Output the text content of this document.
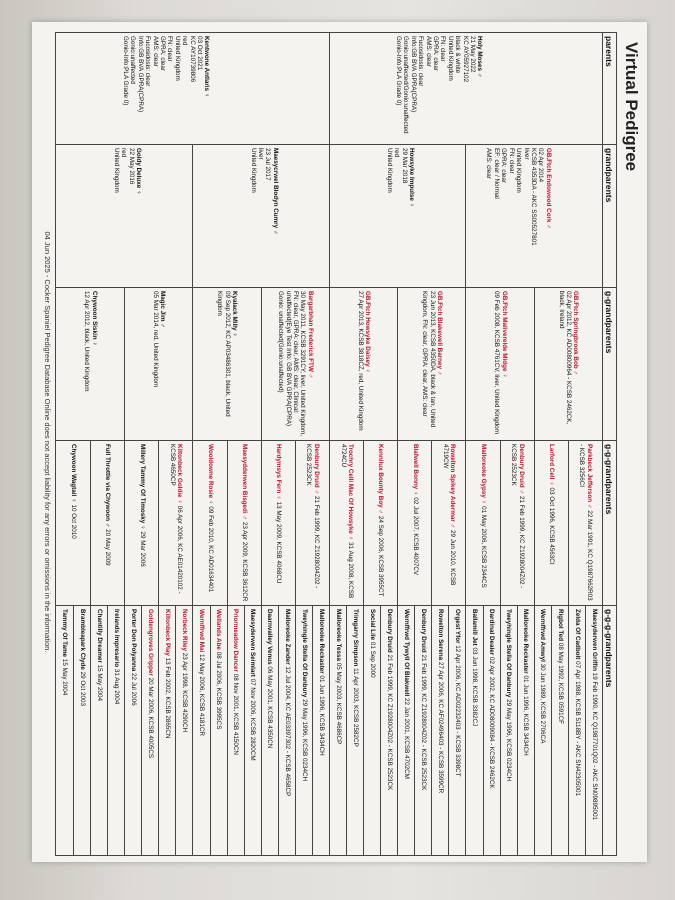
Virtual Pedigree
parents
grandparents
g-grandparents
g-g-grandparents
g-g-g-grandparents
Holy Moses ♂
21 May 2022
KC AY05927102
black & white
United Kingdom
FN: clear
GPRA: clear
AMS: clear
Fucosidosis: clear
Info:GB BVA GPRA(CPRA) Gonio:unaffected/Gonio:unaffected
Gonio-Info:PLA Grade 0)
Kentwone Antlaris ♀
03 Oct 2021
KC AY10739806
red
United Kingdom
FN: clear
GPRA: clear
AMS: clear
Fucosidosis: clear
Info:GB BVA GPRA(CPRA) Gonio:unaffected
Gonio-Info:PLA Grade 0)
GB.Ftch Endowood Cork ♂
02 Apr 2014
KCSB 4353DA - AKC SS00527801
liver
United Kingdom
FN: clear
GPRA: clear
EF: clear / Normal
AMS: clear
Howsyke Impulse ♀
29 Mar 2018
red
United Kingdom
Maesycrwel Blodyn Cumry ♂
23 Jul 2017
liver
United Kingdom
Goldy Deluxe ♀
22 May 2016
red
United Kingdom
GB.Ftch Springbrook Bob ♂
02 Apr 2012, KC AD00800964 - KCSB 2462CK, black, Ireland
GB.Ftch Maliverelde Midge ♀
09 Feb 2008, KCSB 4761CV, liver, United Kingdom
GB.Ftch Blakewell Barney ♂
23 Jun 2013, KCSB 4350DA, black & tan, United Kingdom, FN: clear, GPRA: clear, AMS: clear
GB.Ftch Howsyke Daisey ♀
27 Apr 2013, KCSB 3818CZ, red, United Kingdom
Bargarbhan Frederick FTW ♂
30 May 2011, KCSB 3291CY, liver, United Kingdom, FN: clear, GPRA: clear, AMS: clear, Clinical: unaffected(Eye Test Info: GB BVA GPRA(CPRA) Gonio: unaffected(Gonio:unaffected)
Kyalack Milly ♀
09 Sep 2012, KC AP03486301, black, United Kingdom
Magic Jim ♂
05 Mar 2014, red, United Kingdom
Chywoon Siskin ♀
12 Apr 2012, black, United Kingdom
Parkbeck Jefferson ♂ 22 Mar 1991, KC Q1987662R03 - KCSB 3256CI
Larford Cell ♀ 03 Oct 1996, KCSB 4563CI
Denbury Druid ♂ 21 Feb 1999, KC Z1928004Z02 - KCSB 2523CK
Malloreoke Gypsy ♀ 01 May 2006, KCSB 2344CS
Rowelton Spikey Adermar ♂ 29 Jun 2010, KCSB 4719CW
Blafwell Bonny ♀ 02 Jul 2007, KCSB 4007CV
Kennilux Bounty Boy ♂ 24 Sep 2006, KCSB 3955CT
Trochry Celli Mac Of Howsyke ♀ 31 Aug 2008, KCSB 4724CU
Denbury Druid ♂ 21 Feb 1999, KC Z1928004Z02 - KCSB 2523CK
Hardymsys Fern ♀ 13 May 2009, KCSB 4068CU
Maesydderwen Bisgedi ♂ 23 Apr 2009, KCSB 3612CR
Wooldowne Rosie ♀ 09 Feb 2010, KC AD01634401
Kiltonbeck Goldie ♀ 06 Apr 2006, KC AE01420102 - KCSB 4650CP
Millery Tammy Of Timosky ♀ 29 Mar 2006
Full Throttle via Chywoon ♂ 20 May 2009
Chywoon Wagtail ♀ 10 Oct 2010
Maesyderwen Griffin 19 Feb 1990, KC Q1987701Q02 - AKC SN09895001
Zelda Of Cadbolt 07 Apr 1988, KCSB 5118BY - AKC SN42305001
Rigbol Ted 08 May 1992, KCSB 0591CF
Wernffrwd Amwyl 30 Jun 1989, KCSB 2706CA
Malloreoke Reckaster 01 Jun 1996, KCSB 3434CH
Tweyhingle Stella Of Danbury 29 May 1996, KCSB 0234CH
Dardinal Dealer 02 Apr 2002, KC AD08009084 - KCSB 2462CK
Ballamill Jet 03 Jun 1998, KCSB 3382CJ
Orgest Yfor 12 Apr 2006, KC AD02232403 - KCSB 3398CT
Rowelton Serena 27 Apr 2006, KC AF02496403 - KCSB 3599CR
Denbury Druid 21 Feb 1999, KC Z1928004Z02 - KCSB 2523CK
Wernffrwd Tywyll Of Blakwell 22 Jan 2001, KCSB 4702CM
Denbury Druid 21 Feb 1999, KC Z1928004Z02 - KCSB 2523CK
Social Lile 01 Sep 2000
Trimgarry Simpson 11 Apr 2003, KCSB 2582CP
Malloreoke Tessa 05 May 2003, KCSB 4686CP
Malloreoke Reckaster 01 Jun 1996, KCSB 3434CH
Tweyhingle Stella Of Danbury 29 May 1996, KCSB 0234CH
Malloreoke Zander 12 Jul 2004, KC AE03397302 - KCSB 4658CP
Daarnvalley Venus 06 May 2001, KCSB 4350CN
Maesyderwen Seimlart 07 Nov 2006, KCSB 2820CM
Priormeadow Dancer 08 Nov 2001, KCSB 4150CN
Wellands Abe 08 Jul 2006, KCSB 3995CS
Wernffrwd Mai 12 May 2006, KCSB 4181CR
Norbeck Riley 23 Apr 1998, KCSB 4290CH
Kiltonbeck Play 13 Feb 2002, KCSB 2865CN
Goldengroves Gripper 20 Mar 2006, KCSB 4005CS
Porter Don Polyanna 22 Jul 2006
Irelands Impresario 31 Aug 2004
Chantilly Dreamer 15 May 2004
Brambleapark Clyde 29 Oct 2003
Tammy Of Tame 15 May 2004
04 Jun 2025 - Cocker Spaniel Pedigree Database Online does not accept liability for any errors or omissions in the information.
